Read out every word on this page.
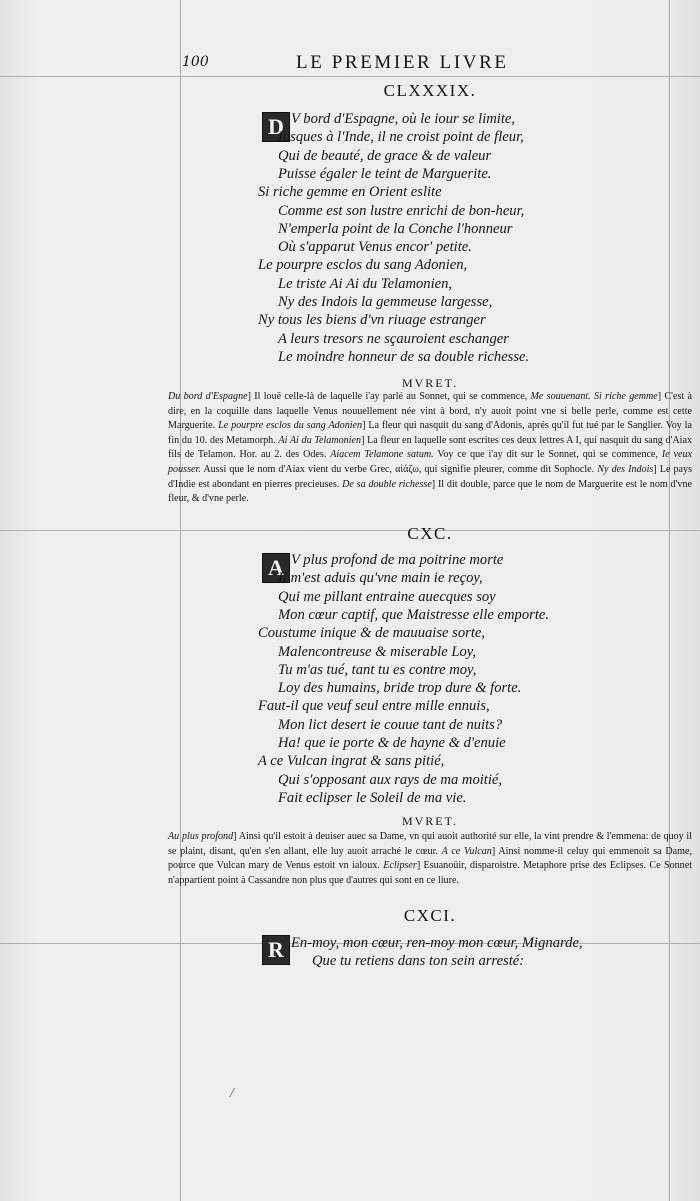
100	LE PREMIER LIVRE
CLXXXIX.
D V bord d'Espagne, où le iour se limite,
Iusques à l'Inde, il ne croist point de fleur,
Qui de beauté, de grace & de valeur
Puisse égaler le teint de Marguerite.
Si riche gemme en Orient eslite
Comme est son lustre enrichi de bon-heur,
N'emperla point de la Conche l'honneur
Où s'apparut Venus encor' petite.
Le pourpre esclos du sang Adonien,
Le triste Ai Ai du Telamonien,
Ny des Indois la gemmeuse largesse,
Ny tous les biens d'vn riuage estranger
A leurs tresors ne sçauroient eschanger
Le moindre honneur de sa double richesse.
MVRET.
Du bord d'Espagne] Il louë celle-là de laquelle i'ay parlé au Sonnet, qui se commence, Me souuenant. Si riche gemme] C'est à dire, en la coquille dans laquelle Venus nouuellement née vint à bord, n'y auoit point vne si belle perle, comme est cette Marguerite. Le pourpre esclos du sang Adonien] La fleur qui nasquit du sang d'Adonis, aprés qu'il fut tué par le Sanglier. Voy la fin du 10. des Metamorph. Ai Ai du Telamonien] La fleur en laquelle sont escrites ces deux lettres A I, qui nasquit du sang d'Aiax fils de Telamon. Hor. au 2. des Odes. Aiacem Telamone satum. Voy ce que i'ay dit sur le Sonnet, qui se commence, Ie veux pousser. Aussi que le nom d'Aiax vient du verbe Grec, αἰάζω, qui signifie pleurer, comme dit Sophocle. Ny des Indois] Le pays d'Indie est abondant en pierres precieuses. De sa double richesse] Il dit double, parce que le nom de Marguerite est le nom d'vne fleur, & d'vne perle.
CXC.
A V plus profond de ma poitrine morte
Il m'est aduis qu'vne main ie reçoy,
Qui me pillant entraine auecques soy
Mon cœur captif, que Maistresse elle emporte.
Coustume inique & de mauuaise sorte,
Malencontreuse & miserable Loy,
Tu m'as tué, tant tu es contre moy,
Loy des humains, bride trop dure & forte.
Faut-il que veuf seul entre mille ennuis,
Mon lict desert ie couue tant de nuits?
Ha! que ie porte & de hayne & d'enuie
A ce Vulcan ingrat & sans pitié,
Qui s'opposant aux rays de ma moitié,
Fait eclipser le Soleil de ma vie.
MVRET.
Au plus profond] Ainsi qu'il estoit à deuiser auec sa Dame, vn qui auoit authorité sur elle, la vint prendre & l'emmena: de quoy il se plaint, disant, qu'en s'en allant, elle luy auoit arraché le cœur. A ce Vulcan] Ainsi nomme-il celuy qui emmenoit sa Dame, pource que Vulcan mary de Venus estoit vn ialoux. Eclipser] Esuanoüir, disparoistre. Metaphore prise des Eclipses. Ce Sonnet n'appartient point à Cassandre non plus que d'autres qui sont en ce liure.
CXCI.
R En-moy, mon cœur, ren-moy mon cœur, Mignarde,
Que tu retiens dans ton sein arresté:
/
